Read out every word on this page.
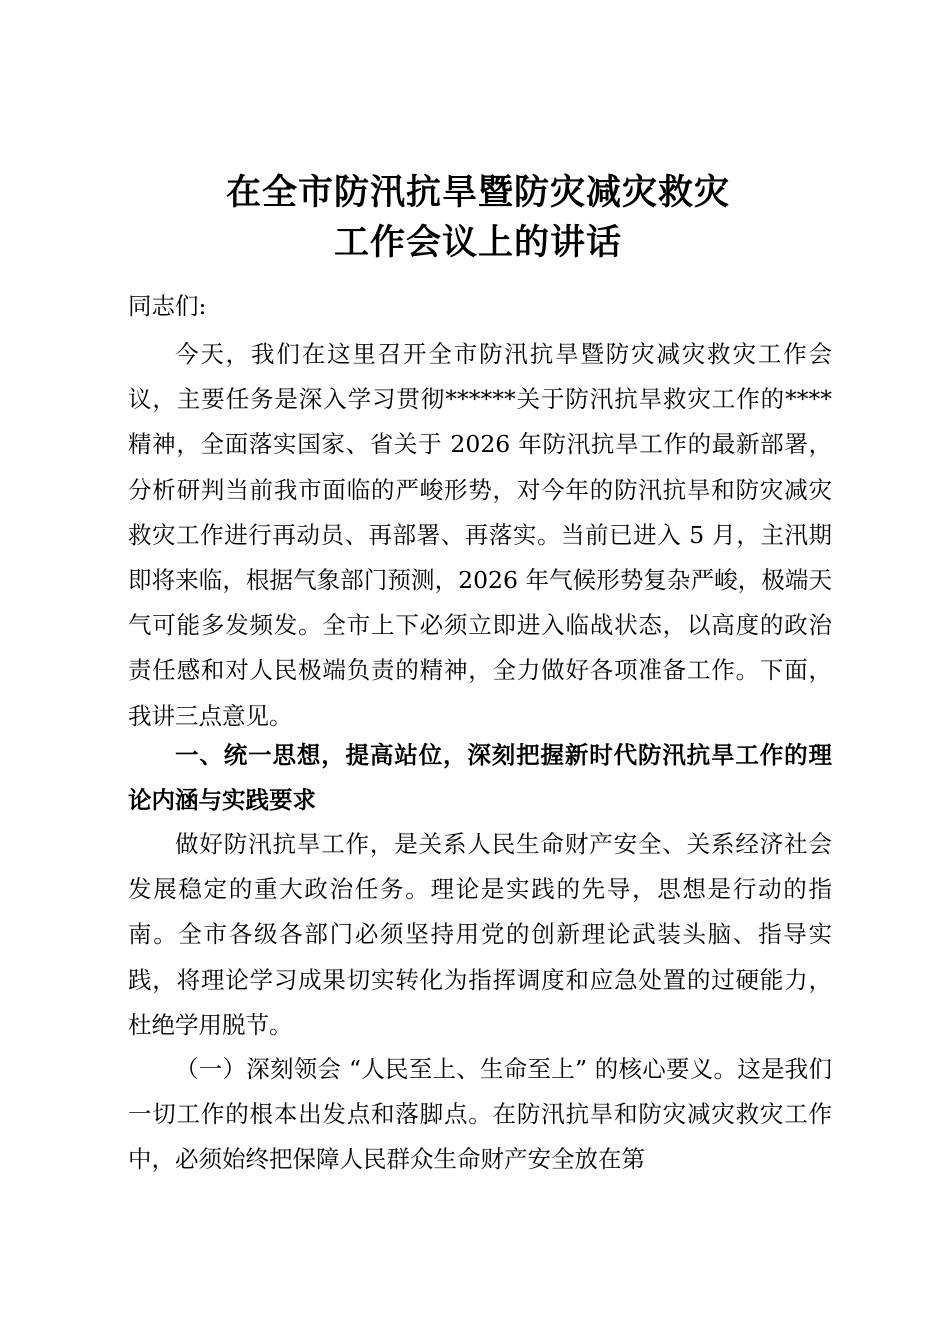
在全市防汛抗旱暨防灾减灾救灾
工作会议上的讲话
同志们:

今天，我们在这里召开全市防汛抗旱暨防灾减灾救灾工作会议，主要任务是深入学习贯彻******关于防汛抗旱救灾工作的****精神，全面落实国家、省关于 2026 年防汛抗旱工作的最新部署，分析研判当前我市面临的严峻形势，对今年的防汛抗旱和防灾减灾救灾工作进行再动员、再部署、再落实。当前已进入 5 月，主汛期即将来临，根据气象部门预测，2026 年气候形势复杂严峻，极端天气可能多发频发。全市上下必须立即进入临战状态，以高度的政治责任感和对人民极端负责的精神，全力做好各项准备工作。下面，我讲三点意见。

一、统一思想，提高站位，深刻把握新时代防汛抗旱工作的理论内涵与实践要求

做好防汛抗旱工作，是关系人民生命财产安全、关系经济社会发展稳定的重大政治任务。理论是实践的先导，思想是行动的指南。全市各级各部门必须坚持用党的创新理论武装头脑、指导实践，将理论学习成果切实转化为指挥调度和应急处置的过硬能力，杜绝学用脱节。

（一）深刻领会 “人民至上、生命至上” 的核心要义。这是我们一切工作的根本出发点和落脚点。在防汛抗旱和防灾减灾救灾工作中，必须始终把保障人民群众生命财产安全放在第
